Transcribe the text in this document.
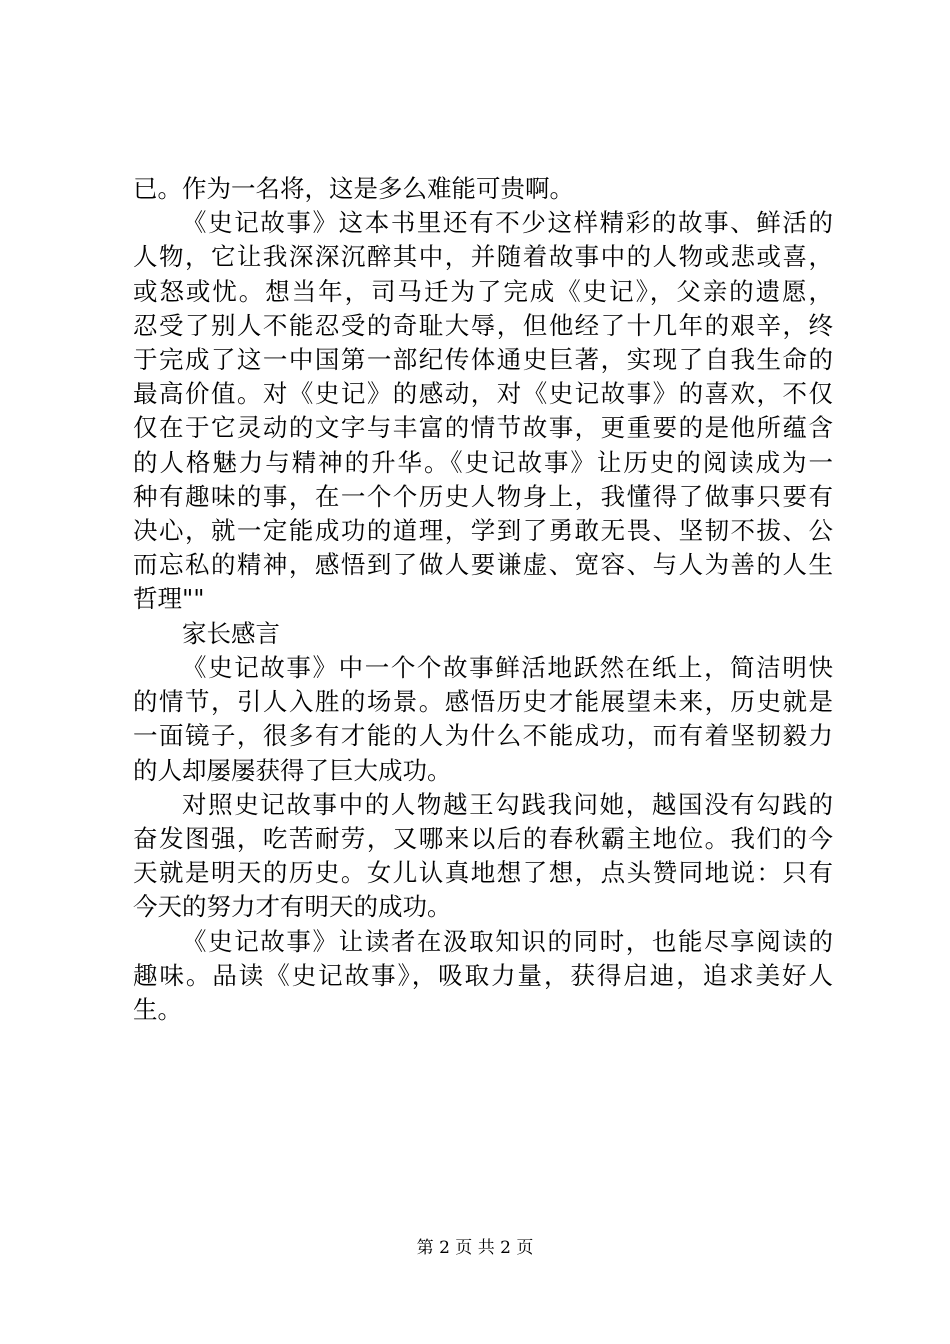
已。作为一名将，这是多么难能可贵啊。
《史记故事》这本书里还有不少这样精彩的故事、鲜活的
人物，它让我深深沉醉其中，并随着故事中的人物或悲或喜，
或怒或忧。想当年，司马迁为了完成《史记》，父亲的遗愿，
忍受了别人不能忍受的奇耻大辱，但他经了十几年的艰辛，终
于完成了这一中国第一部纪传体通史巨著，实现了自我生命的
最高价值。对《史记》的感动，对《史记故事》的喜欢，不仅
仅在于它灵动的文字与丰富的情节故事，更重要的是他所蕴含
的人格魅力与精神的升华。《史记故事》让历史的阅读成为一
种有趣味的事，在一个个历史人物身上，我懂得了做事只要有
决心，就一定能成功的道理，学到了勇敢无畏、坚韧不拔、公
而忘私的精神，感悟到了做人要谦虚、宽容、与人为善的人生
哲理""
家长感言
《史记故事》中一个个故事鲜活地跃然在纸上，简洁明快
的情节，引人入胜的场景。感悟历史才能展望未来，历史就是
一面镜子，很多有才能的人为什么不能成功，而有着坚韧毅力
的人却屡屡获得了巨大成功。
对照史记故事中的人物越王勾践我问她，越国没有勾践的
奋发图强，吃苦耐劳，又哪来以后的春秋霸主地位。我们的今
天就是明天的历史。女儿认真地想了想，点头赞同地说：只有
今天的努力才有明天的成功。
《史记故事》让读者在汲取知识的同时，也能尽享阅读的
趣味。品读《史记故事》，吸取力量，获得启迪，追求美好人
生。
第 2 页 共 2 页
